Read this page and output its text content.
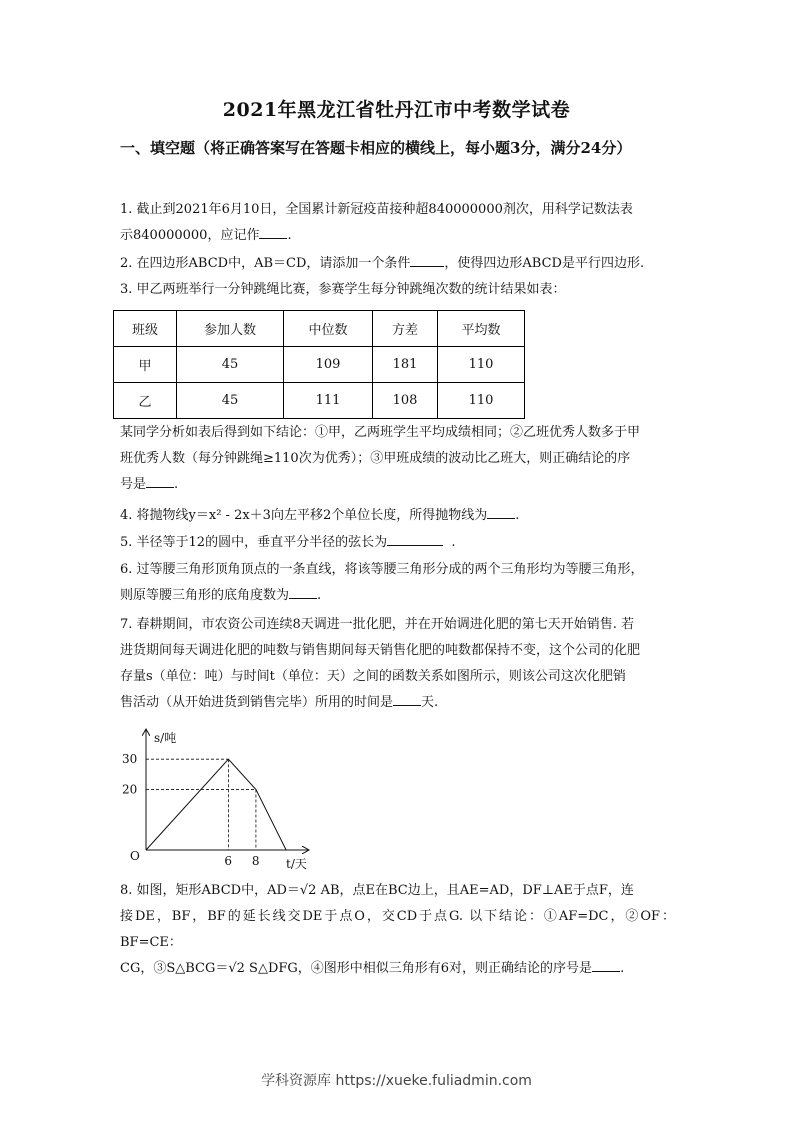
2021年黑龙江省牡丹江市中考数学试卷
一、填空题（将正确答案写在答题卡相应的横线上，每小题3分，满分24分）
1. 截止到2021年6月10日，全国累计新冠疫苗接种超840000000剂次，用科学记数法表
示840000000，应记作 .
2. 在四边形ABCD中，AB＝CD，请添加一个条件	，使得四边形ABCD是平行四边形.
3. 甲乙两班举行一分钟跳绳比赛，参赛学生每分钟跳绳次数的统计结果如表：
班级	参加人数	中位数	方差	平均数
甲	45	109	181	110
乙	45	111	108	110
某同学分析如表后得到如下结论：①甲，乙两班学生平均成绩相同；②乙班优秀人数多于甲
班优秀人数（每分钟跳绳≥110次为优秀）；③甲班成绩的波动比乙班大，则正确结论的序
号是 .
4. 将抛物线y＝x² - 2x＋3向左平移2个单位长度，所得抛物线为 .
5. 半径等于12的圆中，垂直平分半径的弦长为	.
6. 过等腰三角形顶角顶点的一条直线，将该等腰三角形分成的两个三角形均为等腰三角形，
则原等腰三角形的底角度数为 .
7. 春耕期间，市农资公司连续8天调进一批化肥，并在开始调进化肥的第七天开始销售. 若
进货期间每天调进化肥的吨数与销售期间每天销售化肥的吨数都保持不变，这个公司的化肥
存量s（单位：吨）与时间t（单位：天）之间的函数关系如图所示，则该公司这次化肥销
售活动（从开始进货到销售完毕）所用的时间是 天.
s/吨
t/天
O	6 8
30
20
8. 如图，矩形ABCD中，AD＝√2 AB，点E在BC边上，且AE=AD，DF⊥AE于点F，连
接DE，BF，BF的延长线交DE于点O，交CD于点G. 以下结论：①AF=DC，②OF：BF=CE：
CG，③S△BCG＝√2 S△DFG，④图形中相似三角形有6对，则正确结论的序号是 .
学科资源库 https://xueke.fuliadmin.com
